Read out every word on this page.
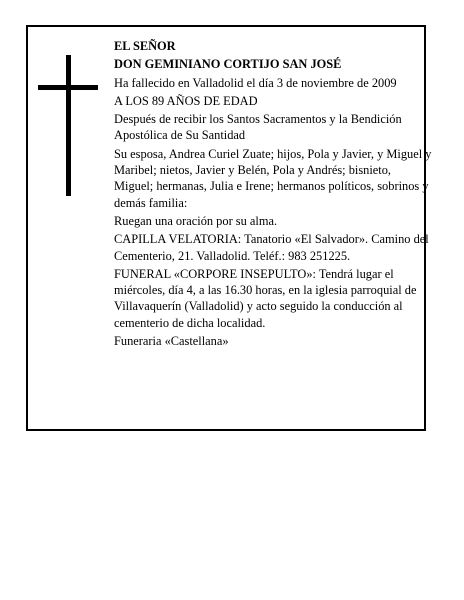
EL SEÑOR

DON GEMINIANO CORTIJO SAN JOSÉ

Ha fallecido en Valladolid el día 3 de noviembre de 2009

A LOS 89 AÑOS DE EDAD

Después de recibir los Santos Sacramentos y la Bendición Apostólica de Su Santidad

Su esposa, Andrea Curiel Zuate; hijos, Pola y Javier, y Miguel y Maribel; nietos, Javier y Belén, Pola y Andrés; bisnieto, Miguel; hermanas, Julia e Irene; hermanos políticos, sobrinos y demás familia:

Ruegan una oración por su alma.

CAPILLA VELATORIA: Tanatorio «El Salvador». Camino del Cementerio, 21. Valladolid. Teléf.: 983 251225.

FUNERAL «CORPORE INSEPULTO»: Tendrá lugar el miércoles, día 4, a las 16.30 horas, en la iglesia parroquial de Villavaquerín (Valladolid) y acto seguido la conducción al cementerio de dicha localidad.

Funeraria «Castellana»
